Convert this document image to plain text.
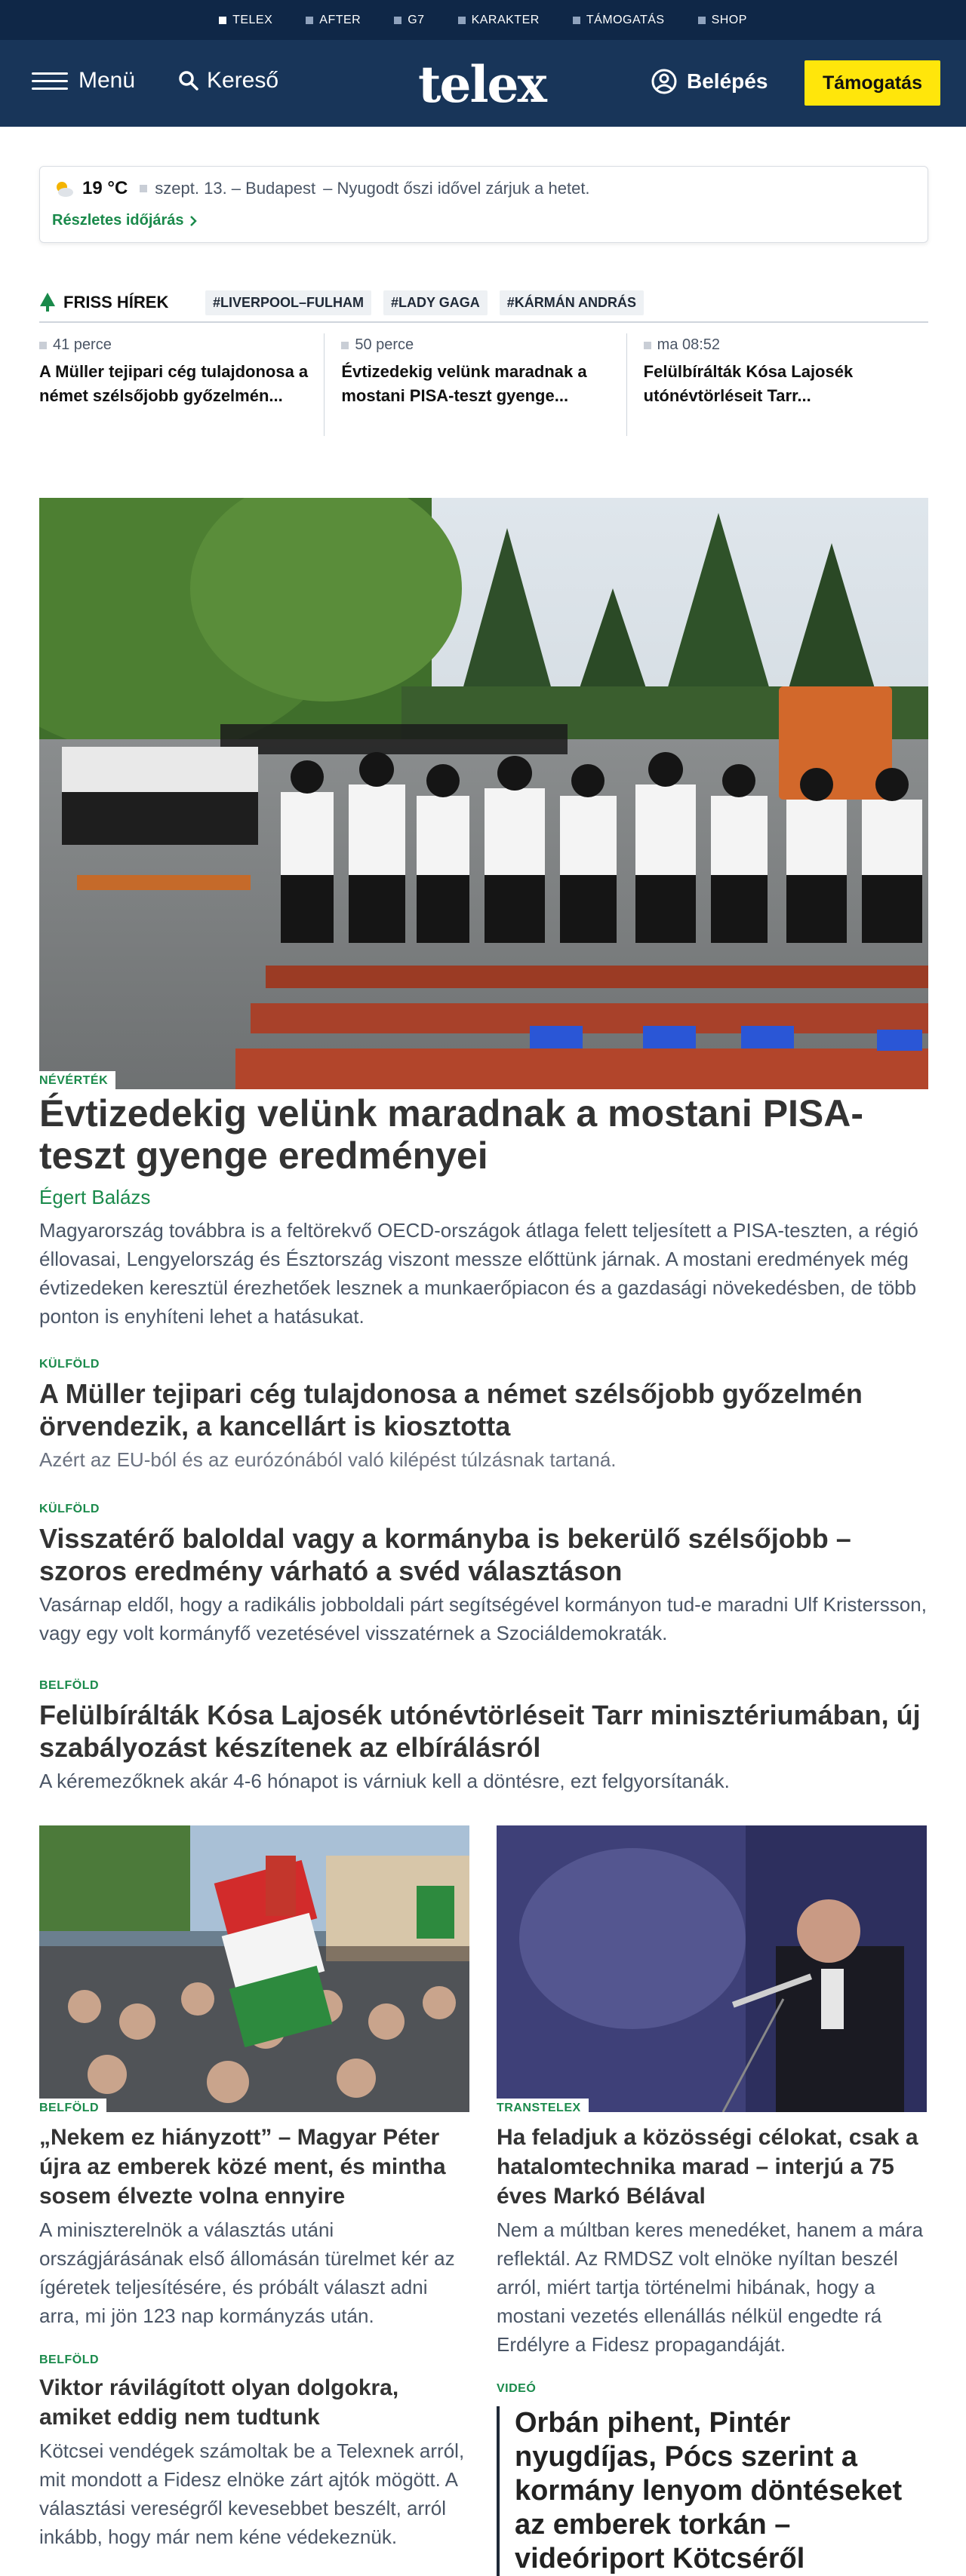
TELEX	AFTER	G7	KARAKTER	TÁMOGATÁS	SHOP
Menü	Kereső	telex	Belépés	Támogatás
19 °C szept. 13. – Budapest – Nyugodt őszi idővel zárjuk a hetet.
Részletes időjárás
FRISS HÍREK	#LIVERPOOL–FULHAM	#LADY GAGA	#KÁRMÁN ANDRÁS
41 perce
A Müller tejipari cég tulajdonosa a német szélsőjobb győzelmén...
50 perce
Évtizedekig velünk maradnak a mostani PISA-teszt gyenge...
ma 08:52
Felülbírálták Kósa Lajosék utónévtörléseit Tarr...
NÉVÉRTÉK
Évtizedekig velünk maradnak a mostani PISA-teszt gyenge eredményei
Égert Balázs
Magyarország továbbra is a feltörekvő OECD-országok átlaga felett teljesített a PISA-teszten, a régió éllovasai, Lengyelország és Észtország viszont messze előttünk járnak. A mostani eredmények még évtizedeken keresztül érezhetőek lesznek a munkaerőpiacon és a gazdasági növekedésben, de több ponton is enyhíteni lehet a hatásukat.
KÜLFÖLD
A Müller tejipari cég tulajdonosa a német szélsőjobb győzelmén örvendezik, a kancellárt is kiosztotta
Azért az EU-ból és az eurózónából való kilépést túlzásnak tartaná.
KÜLFÖLD
Visszatérő baloldal vagy a kormányba is bekerülő szélsőjobb – szoros eredmény várható a svéd választáson
Vasárnap eldől, hogy a radikális jobboldali párt segítségével kormányon tud-e maradni Ulf Kristersson, vagy egy volt kormányfő vezetésével visszatérnek a Szociáldemokraták.
BELFÖLD
Felülbírálták Kósa Lajosék utónévtörléseit Tarr minisztériumában, új szabályozást készítenek az elbírálásról
A kéremezőknek akár 4-6 hónapot is várniuk kell a döntésre, ezt felgyorsítanák.
BELFÖLD
„Nekem ez hiányzott” – Magyar Péter újra az emberek közé ment, és mintha sosem élvezte volna ennyire
A miniszterelnök a választás utáni országjárásának első állomásán türelmet kér az ígéretek teljesítésére, és próbált választ adni arra, mi jön 123 nap kormányzás után.
BELFÖLD
Viktor rávilágított olyan dolgokra, amiket eddig nem tudtunk
Kötcsei vendégek számoltak be a Telexnek arról, mit mondott a Fidesz elnöke zárt ajtók mögött. A választási vereségről kevesebbet beszélt, arról inkább, hogy már nem kéne védekeznük.
TRANSTELEX
Ha feladjuk a közösségi célokat, csak a hatalomtechnika marad – interjú a 75 éves Markó Bélával
Nem a múltban keres menedéket, hanem a mára reflektál. Az RMDSZ volt elnöke nyíltan beszél arról, miért tartja történelmi hibának, hogy a mostani vezetés ellenállás nélkül engedte rá Erdélyre a Fidesz propagandáját.
VIDEÓ
Orbán pihent, Pintér nyugdíjas, Pócs szerint a kormány lenyom döntéseket az emberek torkán – videóriport Kötcséről
